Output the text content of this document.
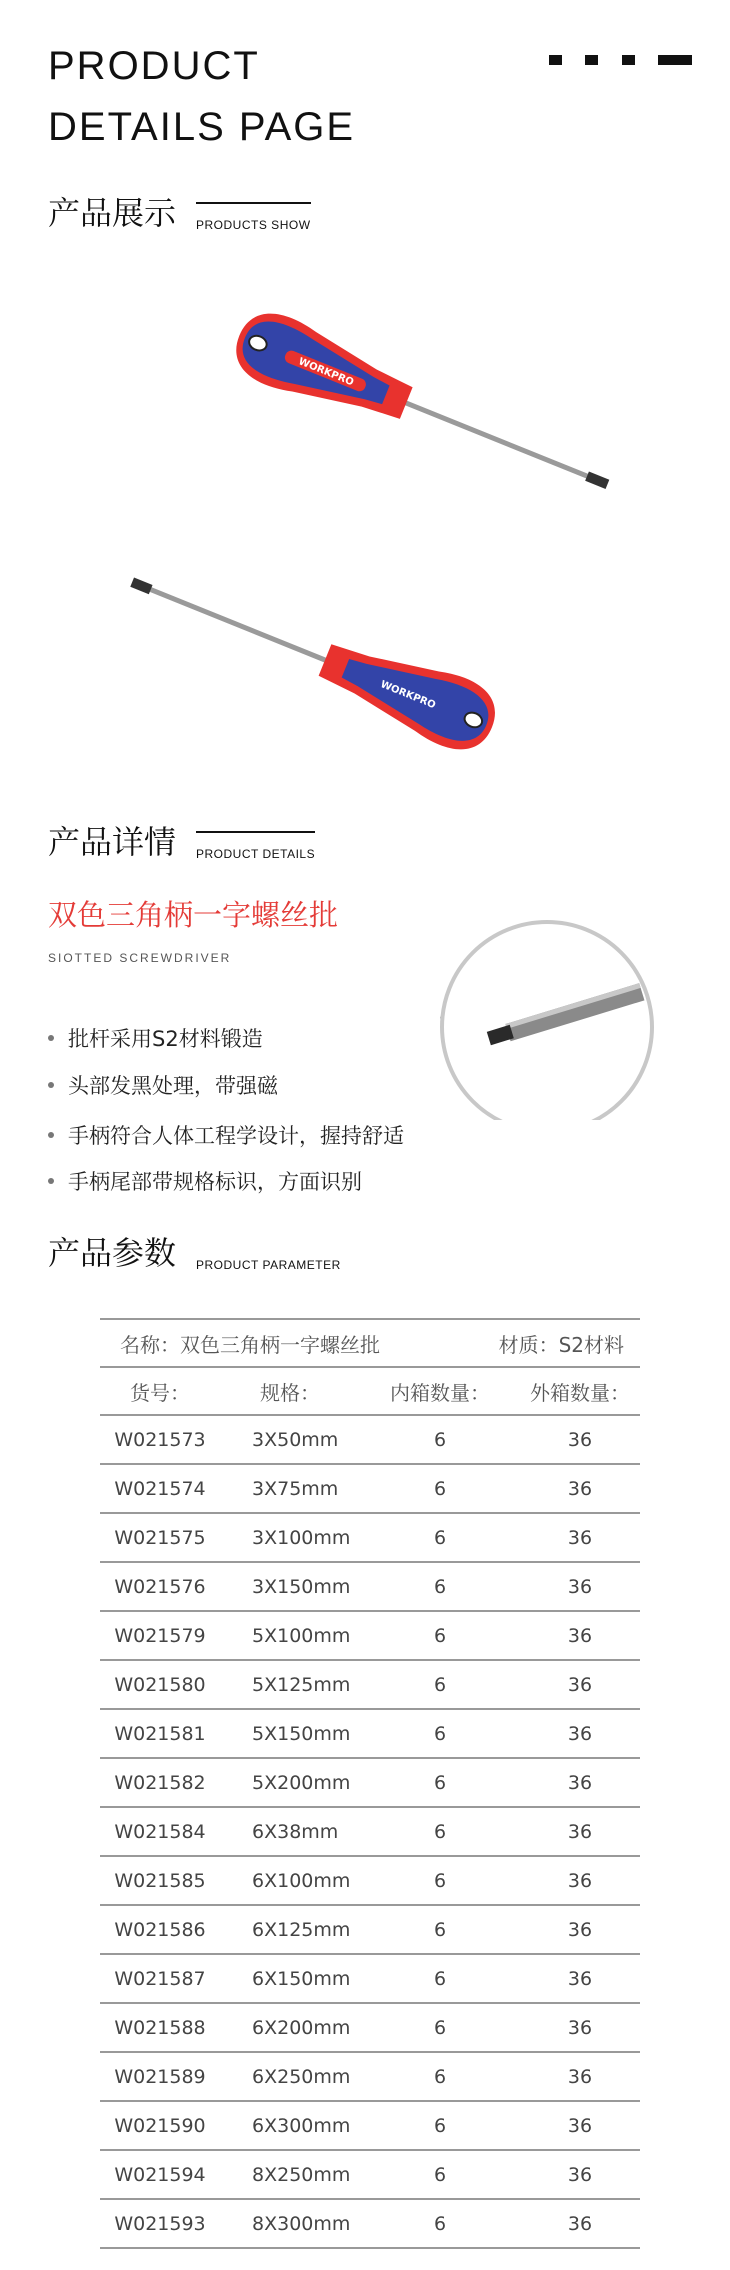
PRODUCT
DETAILS PAGE
产品展示 PRODUCTS SHOW
WORKPRO
WORKPRO
产品详情 PRODUCT DETAILS
双色三角柄一字螺丝批
SIOTTED SCREWDRIVER
批杆采用S2材料锻造
头部发黑处理，带强磁
手柄符合人体工程学设计，握持舒适
手柄尾部带规格标识，方面识别
产品参数 PRODUCT PARAMETER
名称：双色三角柄一字螺丝批	材质：S2材料
货号：	规格：	内箱数量：	外箱数量：
W021573	3X50mm	6	36
W021574	3X75mm	6	36
W021575	3X100mm	6	36
W021576	3X150mm	6	36
W021579	5X100mm	6	36
W021580	5X125mm	6	36
W021581	5X150mm	6	36
W021582	5X200mm	6	36
W021584	6X38mm	6	36
W021585	6X100mm	6	36
W021586	6X125mm	6	36
W021587	6X150mm	6	36
W021588	6X200mm	6	36
W021589	6X250mm	6	36
W021590	6X300mm	6	36
W021594	8X250mm	6	36
W021593	8X300mm	6	36
